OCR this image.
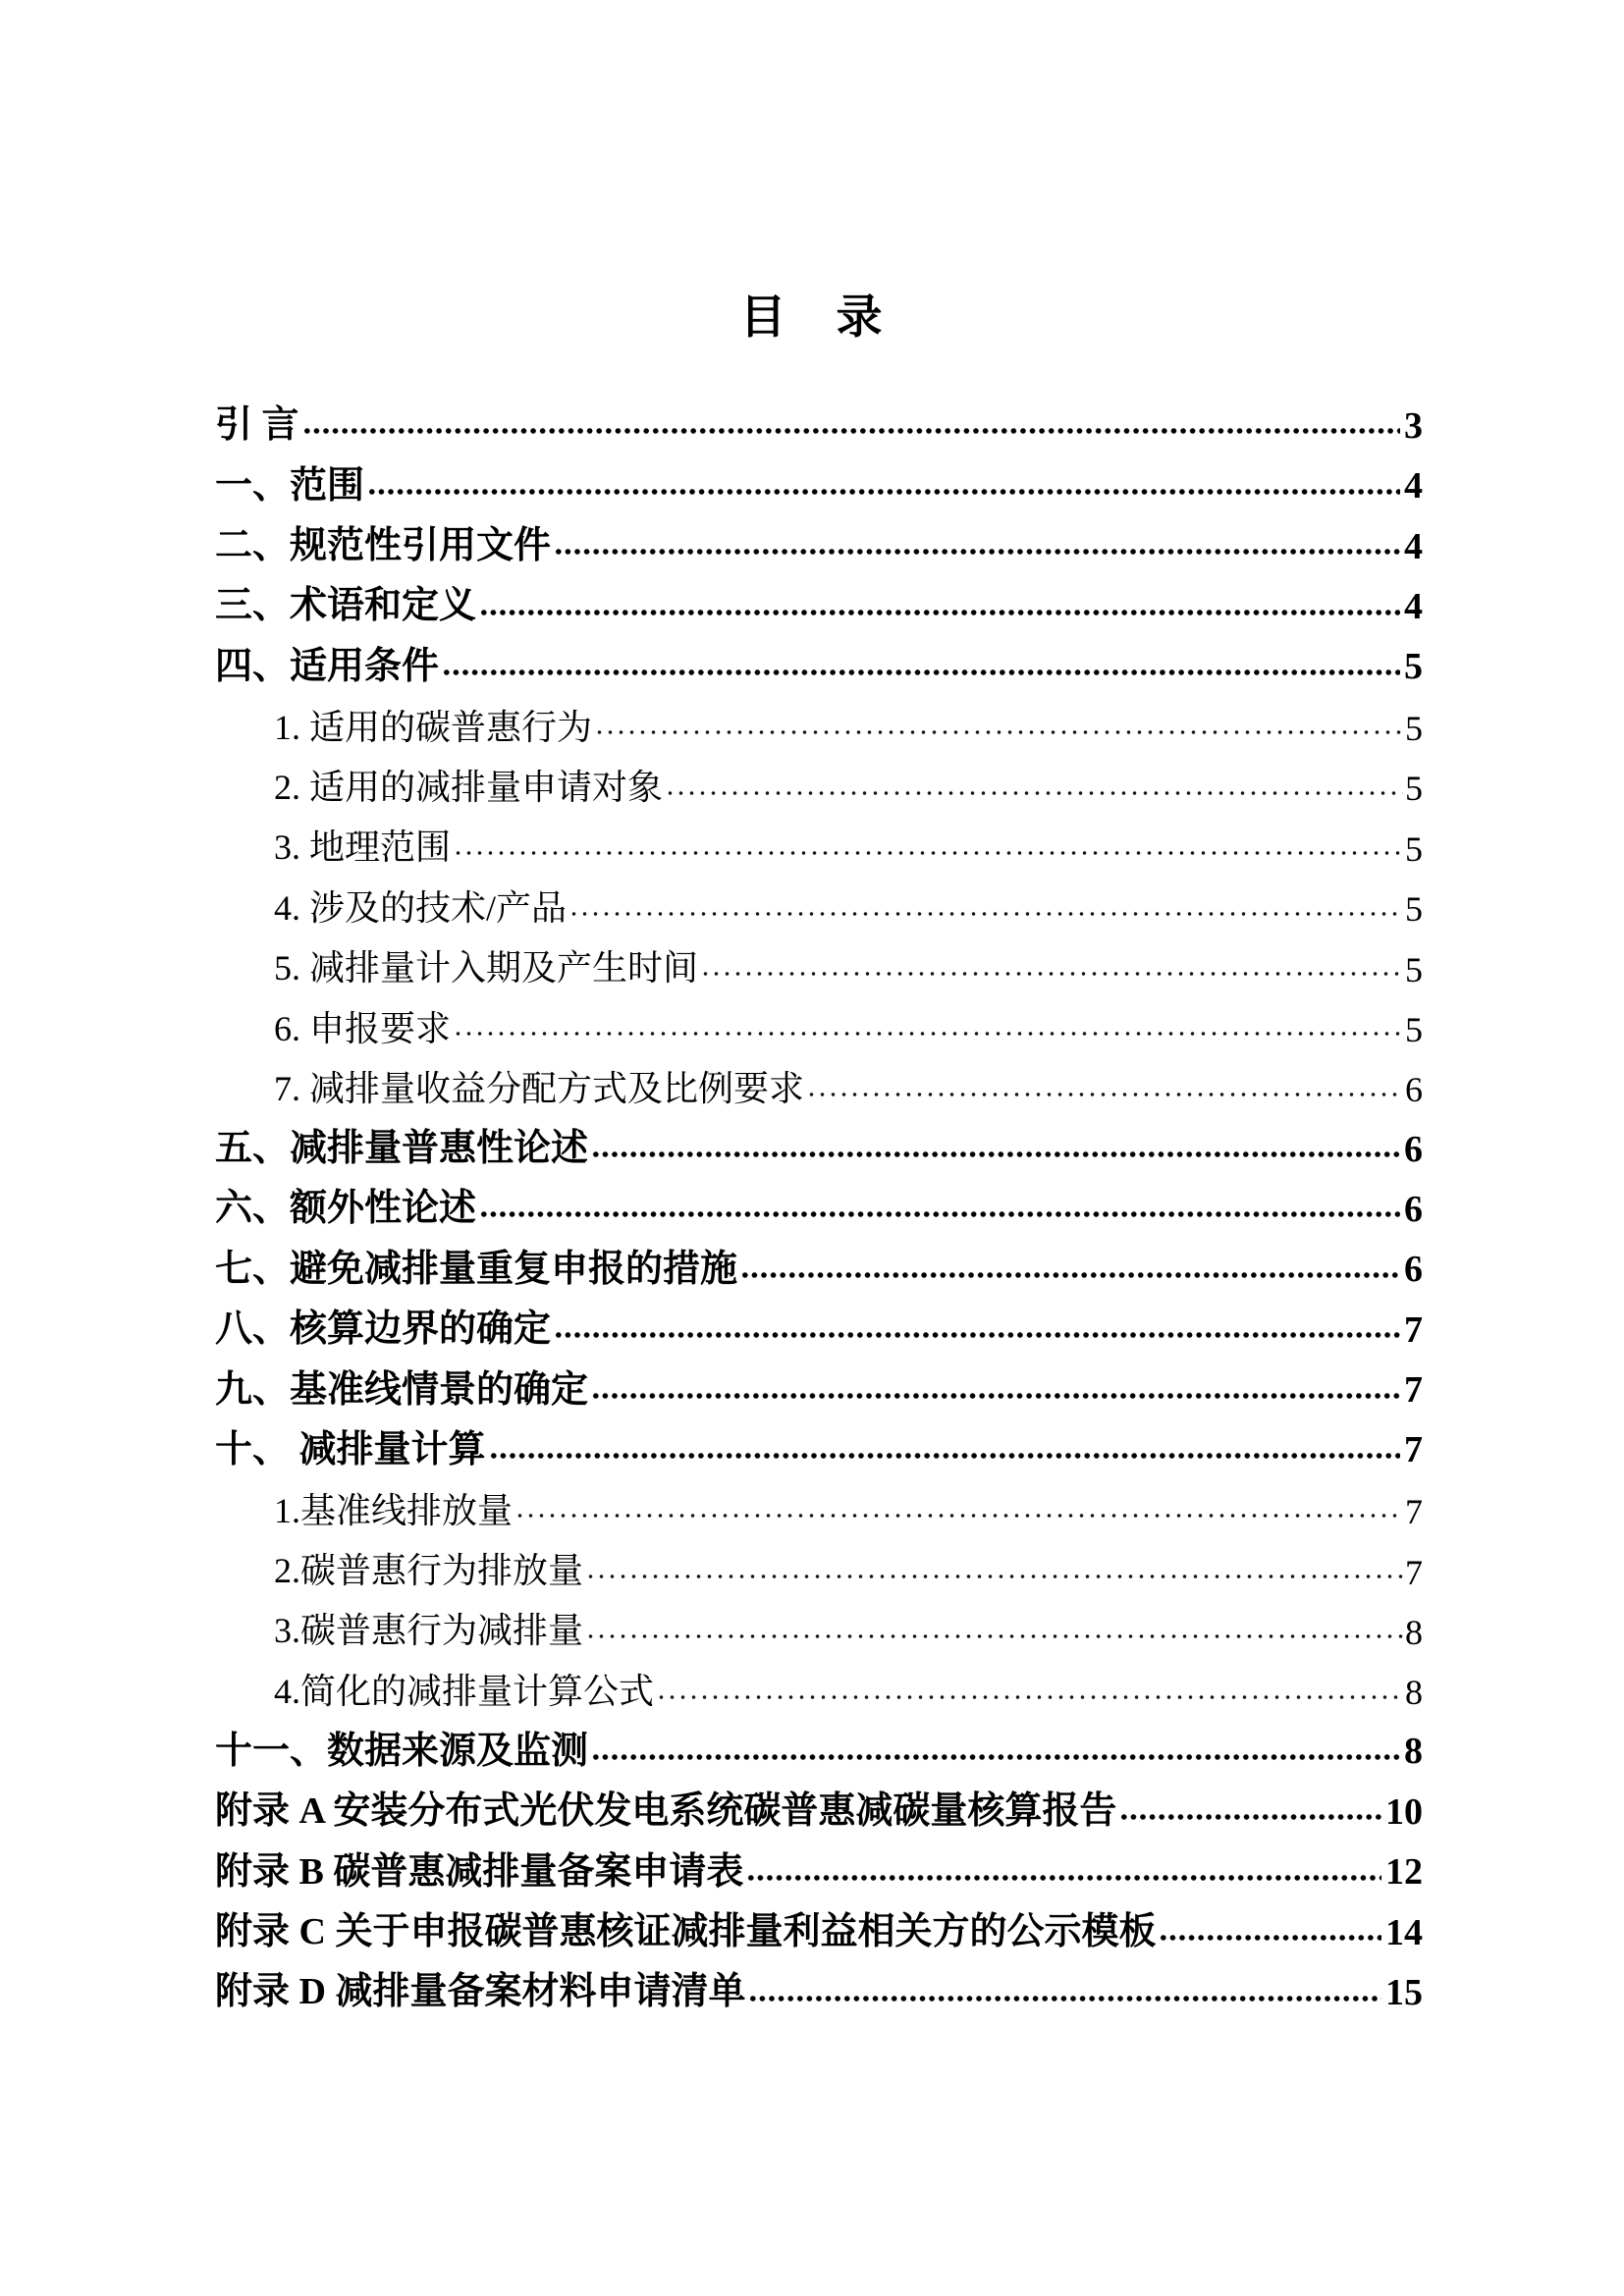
目　录
引 言	3
一、范围	4
二、规范性引用文件	4
三、术语和定义	4
四、适用条件	5
1. 适用的碳普惠行为	5
2. 适用的减排量申请对象	5
3. 地理范围	5
4. 涉及的技术/产品	5
5. 减排量计入期及产生时间	5
6. 申报要求	5
7. 减排量收益分配方式及比例要求	6
五、减排量普惠性论述	6
六、额外性论述	6
七、避免减排量重复申报的措施	6
八、核算边界的确定	7
九、基准线情景的确定	7
十、 减排量计算	7
1.基准线排放量	7
2.碳普惠行为排放量	7
3.碳普惠行为减排量	8
4.简化的减排量计算公式	8
十一、数据来源及监测	8
附录 A 安装分布式光伏发电系统碳普惠减碳量核算报告	10
附录 B 碳普惠减排量备案申请表	12
附录 C 关于申报碳普惠核证减排量利益相关方的公示模板	14
附录 D 减排量备案材料申请清单	15
